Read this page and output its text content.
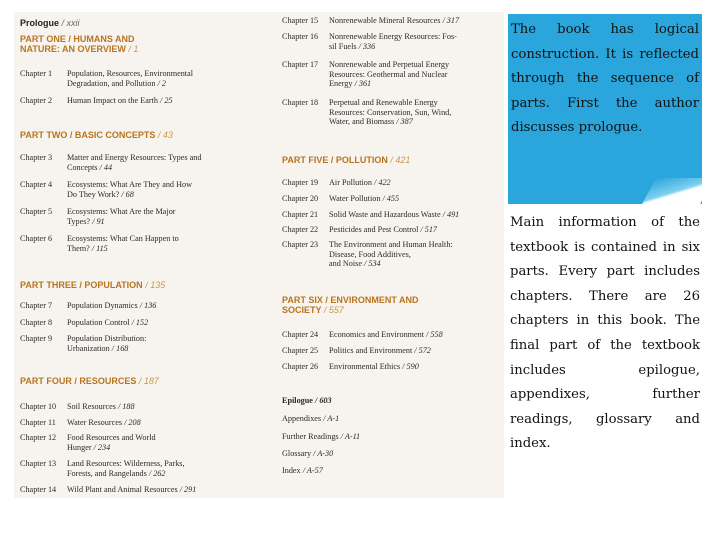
Prologue / xxii
PART ONE / HUMANS AND
NATURE: AN OVERVIEW / 1
Chapter 1 Population, Resources, Environmental
Degradation, and Pollution / 2
Chapter 2 Human Impact on the Earth / 25
PART TWO / BASIC CONCEPTS / 43
Chapter 3 Matter and Energy Resources: Types and
Concepts / 44
Chapter 4 Ecosystems: What Are They and How
Do They Work? / 68
Chapter 5 Ecosystems: What Are the Major
Types? / 91
Chapter 6 Ecosystems: What Can Happen to
Them? / 115
PART THREE / POPULATION / 135
Chapter 7 Population Dynamics / 136
Chapter 8 Population Control / 152
Chapter 9 Population Distribution:
Urbanization / 168
PART FOUR / RESOURCES / 187
Chapter 10 Soil Resources / 188
Chapter 11 Water Resources / 208
Chapter 12 Food Resources and World
Hunger / 234
Chapter 13 Land Resources: Wilderness, Parks,
Forests, and Rangelands / 262
Chapter 14 Wild Plant and Animal Resources / 291
Chapter 15 Nonrenewable Mineral Resources / 317
Chapter 16 Nonrenewable Energy Resources: Fos-
sil Fuels / 336
Chapter 17 Nonrenewable and Perpetual Energy
Resources: Geothermal and Nuclear
Energy / 361
Chapter 18 Perpetual and Renewable Energy
Resources: Conservation, Sun, Wind,
Water, and Biomass / 387
PART FIVE / POLLUTION / 421
Chapter 19 Air Pollution / 422
Chapter 20 Water Pollution / 455
Chapter 21 Solid Waste and Hazardous Waste / 491
Chapter 22 Pesticides and Pest Control / 517
Chapter 23 The Environment and Human Health:
Disease, Food Additives,
and Noise / 534
PART SIX / ENVIRONMENT AND
SOCIETY / 557
Chapter 24 Economics and Environment / 558
Chapter 25 Politics and Environment / 572
Chapter 26 Environmental Ethics / 590
Epilogue / 603
Appendixes / A-1
Further Readings / A-11
Glossary / A-30
Index / A-57

The book has logical construction. It is reflected through the sequence of parts. First the author discusses prologue.

Main information of the textbook is contained in six parts. Every part includes chapters. There are 26 chapters in this book. The final part of the textbook includes epilogue, appendixes, further readings, glossary and index.
